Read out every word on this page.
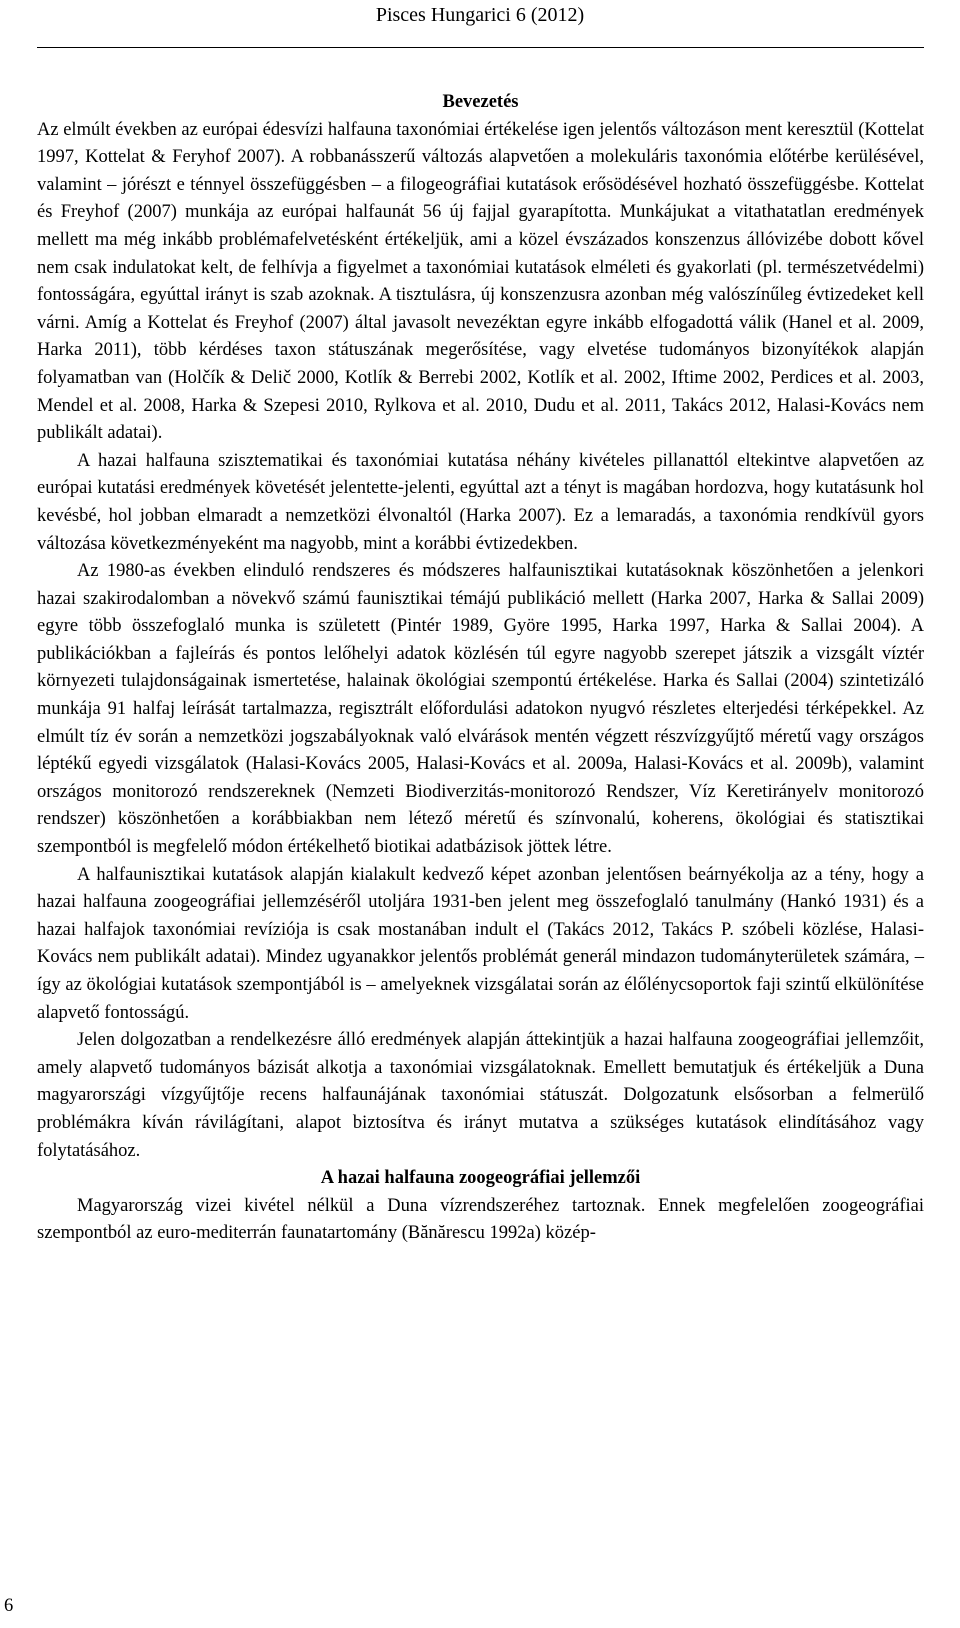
Pisces Hungarici 6 (2012)

Bevezetés

Az elmúlt években az európai édesvízi halfauna taxonómiai értékelése igen jelentős változáson ment keresztül (Kottelat 1997, Kottelat & Feryhof 2007). A robbanásszerű változás alapvetően a molekuláris taxonómia előtérbe kerülésével, valamint – jórészt e ténnyel összefüggésben – a filogeográfiai kutatások erősödésével hozható összefüggésbe. Kottelat és Freyhof (2007) munkája az európai halfaunát 56 új fajjal gyarapította. Munkájukat a vitathatatlan eredmények mellett ma még inkább problémafelvetésként értékeljük, ami a közel évszázados konszenzus állóvizébe dobott kővel nem csak indulatokat kelt, de felhívja a figyelmet a taxonómiai kutatások elméleti és gyakorlati (pl. természetvédelmi) fontosságára, egyúttal irányt is szab azoknak. A tisztulásra, új konszenzusra azonban még valószínűleg évtizedeket kell várni. Amíg a Kottelat és Freyhof (2007) által javasolt nevezéktan egyre inkább elfogadottá válik (Hanel et al. 2009, Harka 2011), több kérdéses taxon státuszának megerősítése, vagy elvetése tudományos bizonyítékok alapján folyamatban van (Holčík & Delič 2000, Kotlík & Berrebi 2002, Kotlík et al. 2002, Iftime 2002, Perdices et al. 2003, Mendel et al. 2008, Harka & Szepesi 2010, Rylkova et al. 2010, Dudu et al. 2011, Takács 2012, Halasi-Kovács nem publikált adatai).

A hazai halfauna szisztematikai és taxonómiai kutatása néhány kivételes pillanattól eltekintve alapvetően az európai kutatási eredmények követését jelentette-jelenti, egyúttal azt a tényt is magában hordozva, hogy kutatásunk hol kevésbé, hol jobban elmaradt a nemzetközi élvonaltól (Harka 2007). Ez a lemaradás, a taxonómia rendkívül gyors változása következményeként ma nagyobb, mint a korábbi évtizedekben.

Az 1980-as években elinduló rendszeres és módszeres halfaunisztikai kutatásoknak köszönhetően a jelenkori hazai szakirodalomban a növekvő számú faunisztikai témájú publikáció mellett (Harka 2007, Harka & Sallai 2009) egyre több összefoglaló munka is született (Pintér 1989, Györe 1995, Harka 1997, Harka & Sallai 2004). A publikációkban a fajleírás és pontos lelőhelyi adatok közlésén túl egyre nagyobb szerepet játszik a vizsgált víztér környezeti tulajdonságainak ismertetése, halainak ökológiai szempontú értékelése. Harka és Sallai (2004) szintetizáló munkája 91 halfaj leírását tartalmazza, regisztrált előfordulási adatokon nyugvó részletes elterjedési térképekkel. Az elmúlt tíz év során a nemzetközi jogszabályoknak való elvárások mentén végzett részvízgyűjtő méretű vagy országos léptékű egyedi vizsgálatok (Halasi-Kovács 2005, Halasi-Kovács et al. 2009a, Halasi-Kovács et al. 2009b), valamint országos monitorozó rendszereknek (Nemzeti Biodiverzitás-monitorozó Rendszer, Víz Keretirányelv monitorozó rendszer) köszönhetően a korábbiakban nem létező méretű és színvonalú, koherens, ökológiai és statisztikai szempontból is megfelelő módon értékelhető biotikai adatbázisok jöttek létre.

A halfaunisztikai kutatások alapján kialakult kedvező képet azonban jelentősen beárnyékolja az a tény, hogy a hazai halfauna zoogeográfiai jellemzéséről utoljára 1931-ben jelent meg összefoglaló tanulmány (Hankó 1931) és a hazai halfajok taxonómiai revíziója is csak mostanában indult el (Takács 2012, Takács P. szóbeli közlése, Halasi-Kovács nem publikált adatai). Mindez ugyanakkor jelentős problémát generál mindazon tudományterületek számára, – így az ökológiai kutatások szempontjából is – amelyeknek vizsgálatai során az élőlénycsoportok faji szintű elkülönítése alapvető fontosságú.

Jelen dolgozatban a rendelkezésre álló eredmények alapján áttekintjük a hazai halfauna zoogeográfiai jellemzőit, amely alapvető tudományos bázisát alkotja a taxonómiai vizsgálatoknak. Emellett bemutatjuk és értékeljük a Duna magyarországi vízgyűjtője recens halfaunájának taxonómiai státuszát. Dolgozatunk elsősorban a felmerülő problémákra kíván rávilágítani, alapot biztosítva és irányt mutatva a szükséges kutatások elindításához vagy folytatásához.

A hazai halfauna zoogeográfiai jellemzői

Magyarország vizei kivétel nélkül a Duna vízrendszeréhez tartoznak. Ennek megfelelően zoogeográfiai szempontból az euro-mediterrán faunatartomány (Bănărescu 1992a) közép-

6
